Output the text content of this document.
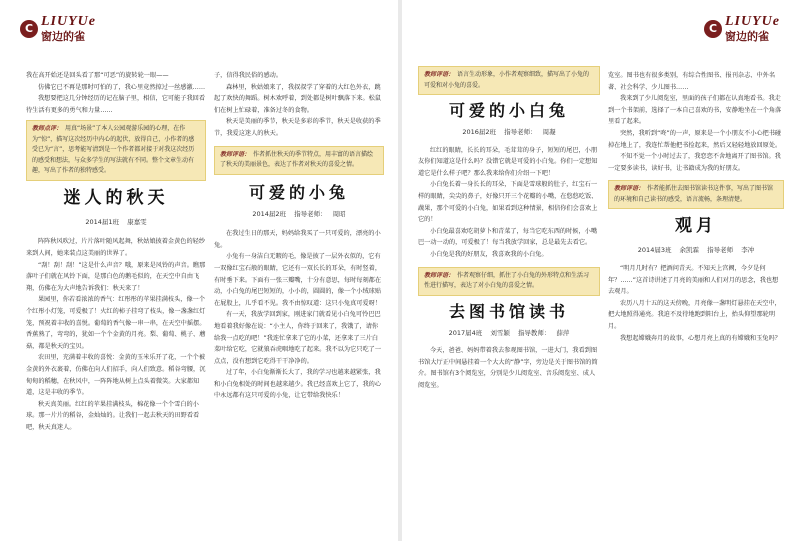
C LIUYUe
窗边的雀

我在高开始还是回头看了那“可恶”的旋转轮一眼——

仿佛它已不再是那时可怕的了，我心里竟然掠过一丝感激……

我想要把这几分钟经历的记在脑子里，相信，它可能子我回看待生活有更多的勇气和力量……

教师点评： 用真“场景”了本人公园观游乐园的心理，在作为“惊”，描写这次经历中内心的起伏，放得自己，小作者的感受已为“言”，思考能写清到是一个作者都对接于对我这次经历的感受和想法，与众多学生的写法就有不同。整个文章生动有趣，写出了作者的独特感受。
迷人的秋天
2014届1班 康嘉雯

阵阵秋风吹过，片片落叶随风起舞，秋姑娘披着金黄色的轻纱来到人间，她来装点这美丽的世界了。

“刮！刮！刮！”这是什么声音？哦，原来是风铃的声音。瞧那落叶子们就在风铃下面，是那白色的鹅毛似的，在天空中自由飞翔，仿佛在为大声地告诉我们：秋天来了！

果园里，你若看浓浓的香气：红彤彤的苹果挂满枝头，像一个个红彤小灯笼，可爱极了！火红的柿子挂弯了枝头，像一盏盏红灯笼，预祝着丰收的喜悦。葡萄的香气像一串一串，在天空中摇摆。香蕉熟了，弯弯的，犹如一个个金黄的月亮。梨、葡萄、桃子、蘑菇，都是秋天的宝贝。

农田里，充满着丰收的喜悦：金黄的玉米乐开了花，一个个被金黄的外衣裹着，仿佛在向人们招手，向人们致意。稻谷弯腰，沉甸甸的稻穗，在秋风中，一阵阵地从树上点头着微笑。大家都知道，这是丰收的季节。

秋天真美丽。红红的苹果挂满枝头，棉花像一个个雪白的小球。那一片片的稻谷，金灿灿的。让我们一起去秋天的田野看看吧，秋天真迷人。

子，信得我民俗的感动。

森林里，秋姑娘来了，我叔叔学了穿着的大红色外衣，跳起了欢快的舞蹈。树木欢呼着，到处都是树叶飘落下来。松鼠们在树上忙碌着，准备过冬的食物。

秋天是美丽的季节，秋天是多彩的季节，秋天是收获的季节，我爱这迷人的秋天。

教师评语： 作者抓住秋天的季节特点，用丰富的语言描绘了秋天的美丽景色，表达了作者对秋天的喜爱之情。
可爱的小兔
2014届2班 指导老师： 周昭

在我过生日的那天，妈妈给我买了一只可爱的，漂亮的小兔。

小兔有一身洁白无暇的毛，像是披了一层外衣似的，它有一双像红宝石般的眼睛，它还有一双长长的耳朵，有时竖着，有时垂下来。下面有一张三瓣嘴，十分有意思，每时每刻都在动，小白兔的尾巴短短的，小小的，圆圆的，像一个小绒球贴在屁股上，儿乎看不见。我不由惊叹道：这只小兔真可爱呀！

有一天，我放学回到家，刚进家门就看见小白兔可怜巴巴地看着我好像在说：“小主人，你终于回来了，我饿了，请你给我一点吃的吧！”我连忙拿来了它的小菜，还拿来了三片白菜叶给它吃，它就狼吞虎咽地吃了起来。我不以为它只吃了一点点，没有想到它吃得干干净净的。

过了年，小白兔渐渐长大了，我的学习也越来越紧张，我和小白兔相处的时间也越来越少。我已经喜欢上它了，我的心中永远都有这只可爱的小兔，让它带给我快乐！

C LIUYUe
窗边的雀
教师评语： 语言生动形象，小作者观察细致，描写出了小兔的可爱和对小兔的喜爱。
可爱的小白兔
2016届2班 指导老师： 周凝

红红的眼睛，长长的耳朵，毛茸茸的身子，短短的尾巴，小朋友你们知道这是什么吗？没错它就是可爱的小白兔。你们一定想知道它是什么样子吧？那么我来给你们介绍一下吧！

小白兔长着一身长长的耳朵，下面是雪球般的肚子，红宝石一样的眼睛，尖尖的鼻子，好像只开三个花瓣的小嘴，在悠悠吃饭、蔬果，那个可爱的小白兔，如果看到这种情景，相信你们会喜欢上它的！

小白兔最喜欢吃胡萝卜和青菜了，每当它吃东西的时候，小嘴巴一动一动的，可爱极了！每当我放学回家，总是最先去看它。

小白兔是我的好朋友，我喜欢我的小白兔。

教师评语： 作者观察仔细，抓住了小白兔的外形特点和生活习性进行描写，表达了对小白兔的喜爱之情。
去图书馆读书
2017届4班 刘雪颖 指导教师： 薛萍

今天，爸爸、妈妈带着我去参观图书馆，一进大门，我看到图书馆大厅正中间悬挂着一个大大的“静”字，旁边是关于图书馆的简介。图书馆有3个阅览室，分别是少儿阅览室、音乐阅览室、成人阅览室。

览室。图书也有很多类别，有综合性图书、报刊杂志、中外名著、社会科学、少儿图书……

我来到了少儿阅览室，里面的孩子们都在认真地看书。我走到一个书架前，选择了一本自己喜欢的书，安静地坐在一个角落里看了起来。

突然，我听到“咚”的一声，原来是一个小朋友不小心把书碰掉在地上了，我连忙帮他把书捡起来，然后又轻轻地放回原处。

不知不觉一个小时过去了，我恋恋不舍地离开了图书馆。我一定要多读书，读好书，让书籍成为我的好朋友。

教师评语： 作者能抓住去图书馆读书这件事，写出了图书馆的环境和自己读书的感受，语言流畅，条理清楚。
观月
2014届3班 余凯霖 指导老师 李冲

“明月几时有？把酒问青天。不知天上宫阙，今夕是何年？……”这首诗讲述了月亮的美丽和人们对月的思念，我也想去观月。

农历八月十五的这天傍晚，月亮像一盏明灯悬挂在天空中，把大地照得通亮。我迫不及待地跑到阳台上，抬头仰望那轮明月。

我想起嫦娥奔月的故事，心想月亮上真的有嫦娥和玉兔吗？
